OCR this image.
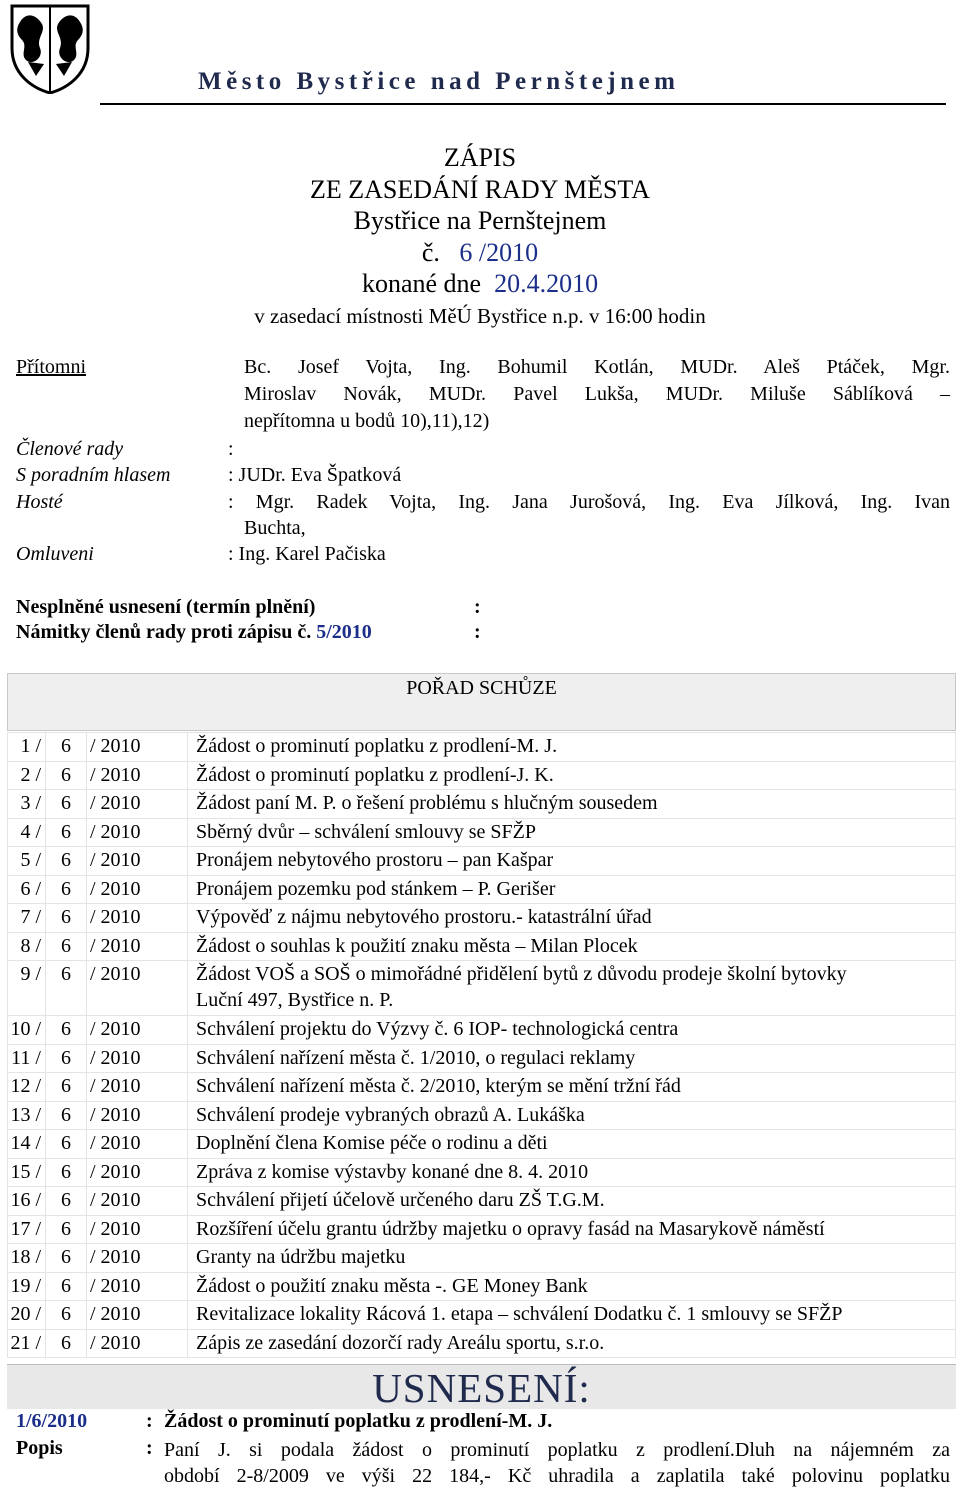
Město Bystřice nad Pernštejnem
ZÁPIS
ZE ZASEDÁNÍ RADY MĚSTA
Bystřice na Pernštejnem
č. 6 /2010
konané dne 20.4.2010
v zasedací místnosti MěÚ Bystřice n.p. v 16:00 hodin
Přítomni	Bc. Josef Vojta, Ing. Bohumil Kotlán, MUDr. Aleš Ptáček, Mgr.
Miroslav Novák, MUDr. Pavel Lukša, MUDr. Miluše Sáblíková –
nepřítomna u bodů 10),11),12)
Členové rady	:
S poradním hlasem	: JUDr. Eva Špatková
Hosté	: Mgr. Radek Vojta, Ing. Jana Jurošová, Ing. Eva Jílková, Ing. Ivan
Buchta,
Omluveni	: Ing. Karel Pačiska
Nesplněné usnesení (termín plnění)	:
Námitky členů rady proti zápisu č. 5/2010	:
POŘAD SCHŮZE
1 /	6	/ 2010	Žádost o prominutí poplatku z prodlení-M. J.
2 /	6	/ 2010	Žádost o prominutí poplatku z prodlení-J. K.
3 /	6	/ 2010	Žádost paní M. P. o řešení problému s hlučným sousedem
4 /	6	/ 2010	Sběrný dvůr – schválení smlouvy se SFŽP
5 /	6	/ 2010	Pronájem nebytového prostoru – pan Kašpar
6 /	6	/ 2010	Pronájem pozemku pod stánkem – P. Gerišer
7 /	6	/ 2010	Výpověď z nájmu nebytového prostoru.- katastrální úřad
8 /	6	/ 2010	Žádost o souhlas k použití znaku města – Milan Plocek
9 /	6	/ 2010	Žádost VOŠ a SOŠ o mimořádné přidělení bytů z důvodu prodeje školní bytovky
Luční 497, Bystřice n. P.
10 /	6	/ 2010	Schválení projektu do Výzvy č. 6 IOP- technologická centra
11 /	6	/ 2010	Schválení nařízení města č. 1/2010, o regulaci reklamy
12 /	6	/ 2010	Schválení nařízení města č. 2/2010, kterým se mění tržní řád
13 /	6	/ 2010	Schválení prodeje vybraných obrazů A. Lukáška
14 /	6	/ 2010	Doplnění člena Komise péče o rodinu a děti
15 /	6	/ 2010	Zpráva z komise výstavby konané dne 8. 4. 2010
16 /	6	/ 2010	Schválení přijetí účelově určeného daru ZŠ T.G.M.
17 /	6	/ 2010	Rozšíření účelu grantu údržby majetku o opravy fasád na Masarykově náměstí
18 /	6	/ 2010	Granty na údržbu majetku
19 /	6	/ 2010	Žádost o použití znaku města -. GE Money Bank
20 /	6	/ 2010	Revitalizace lokality Rácová 1. etapa – schválení Dodatku č. 1 smlouvy se SFŽP
21 /	6	/ 2010	Zápis ze zasedání dozorčí rady Areálu sportu, s.r.o.
USNESENÍ:
1/6/2010	: Žádost o prominutí poplatku z prodlení-M. J.
Popis	: Paní J. si podala žádost o prominutí poplatku z prodlení.Dluh na nájemném za
období 2-8/2009 ve výši 22 184,- Kč uhradila a zaplatila také polovinu poplatku
